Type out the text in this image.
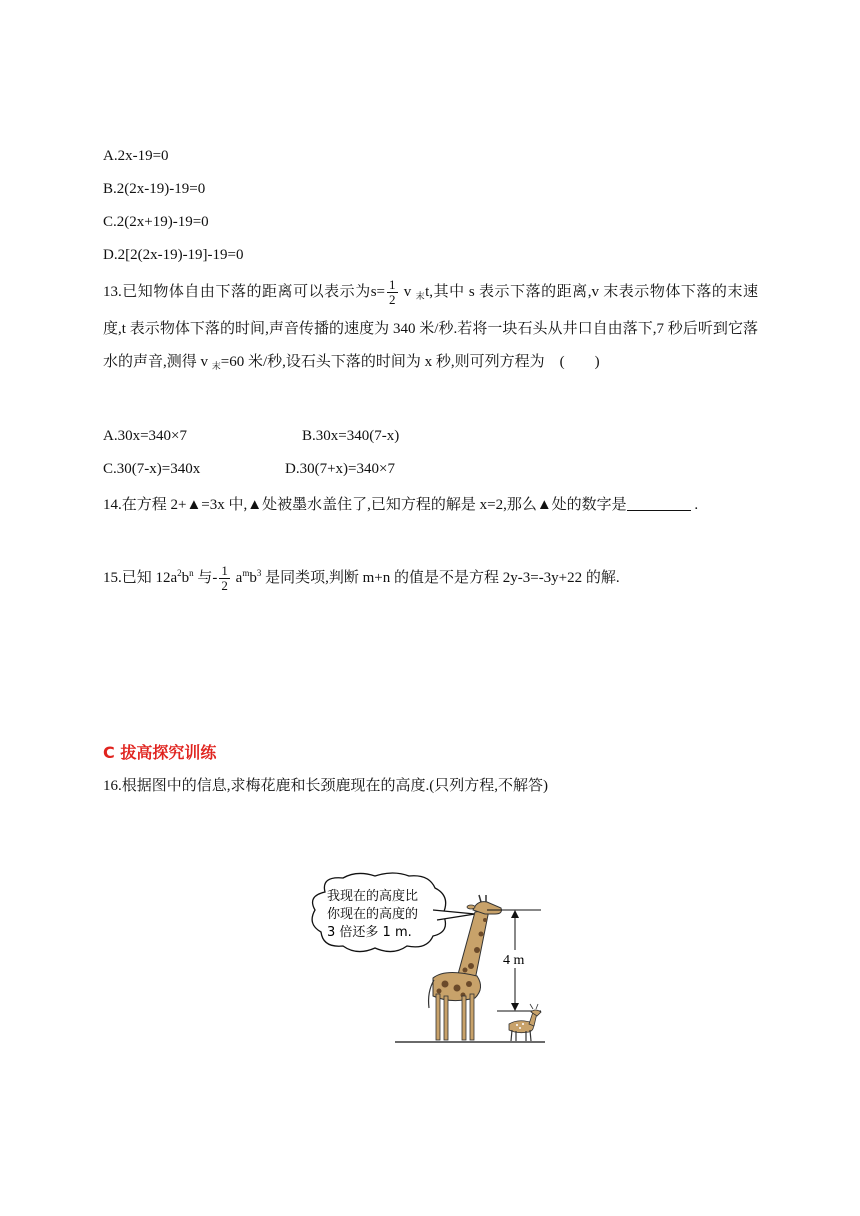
A.2x-19=0
B.2(2x-19)-19=0
C.2(2x+19)-19=0
D.2[2(2x-19)-19]-19=0
13.已知物体自由下落的距离可以表示为$s= \frac{1}{2}$ v $_末$t,其中 s 表示下落的距离,v 末表示物体下落的末速度,t 表示物体下落的时间,声音传播的速度为 340 米/秒.若将一块石头从井口自由落下,7 秒后听到它落水的声音,测得 v $_末$=60 米/秒,设石头下落的时间为 x 秒,则可列方程为　(　　)
A.30x=340×7	B.30x=340(7-x)
C.30(7-x)=340x	D.30(7+x)=340×7
14.在方程 2+▲=3x 中,▲处被墨水盖住了,已知方程的解是 x=2,那么▲处的数字是	.
15.已知 $12a^2b^n$ 与- $\frac{1}{2} a^mb^3$ 是同类项,判断 m+n 的值是不是方程 2y-3=-3y+22 的解.
C 拔高探究训练
16.根据图中的信息,求梅花鹿和长颈鹿现在的高度.(只列方程,不解答)
我现在的高度比
你现在的高度的
3 倍还多 1 m.
4 m
